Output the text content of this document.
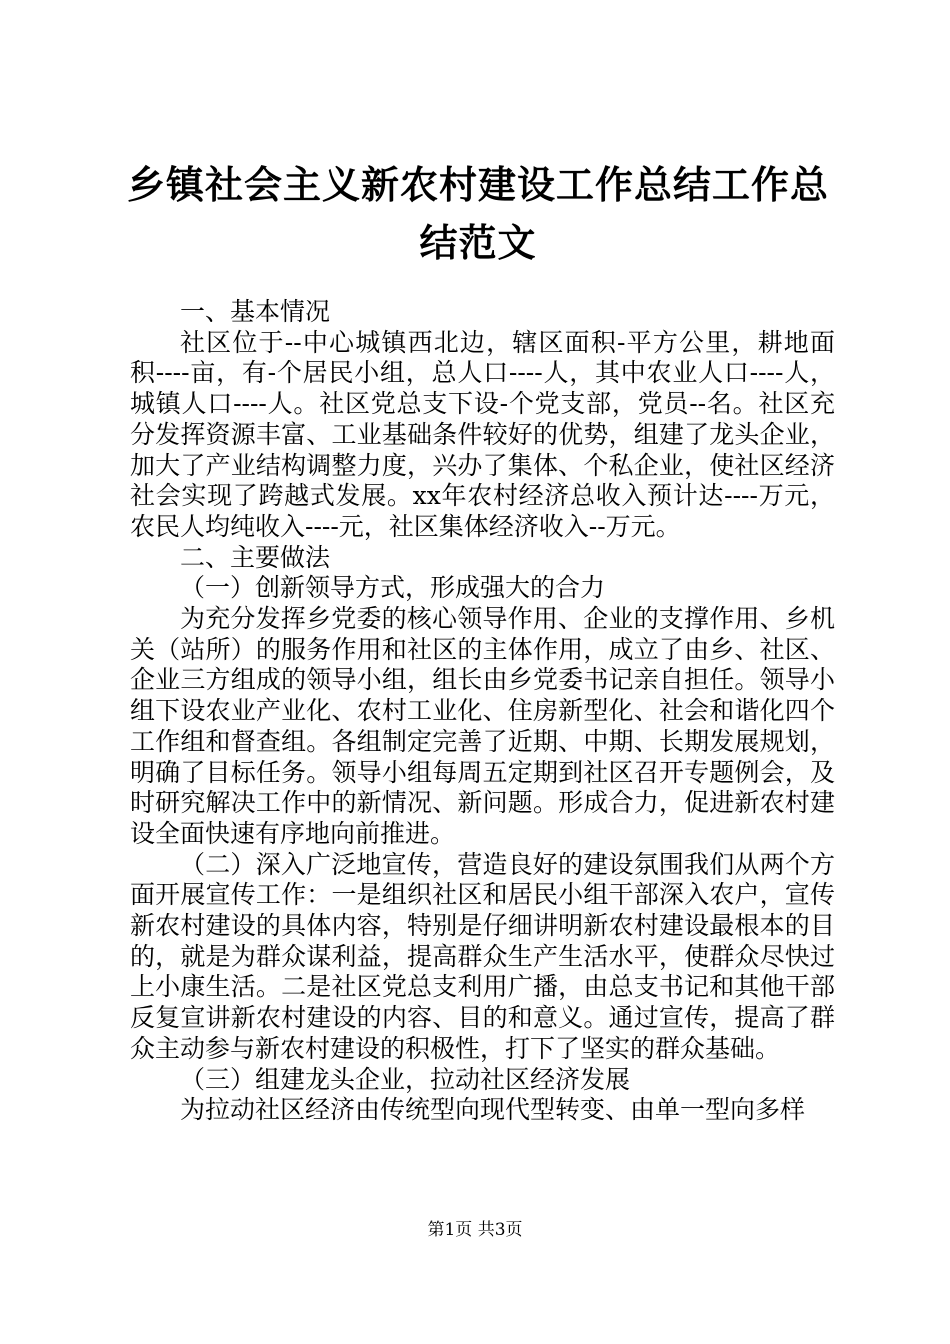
乡镇社会主义新农村建设工作总结工作总结范文

一、基本情况

社区位于--中心城镇西北边，辖区面积-平方公里，耕地面积----亩，有-个居民小组，总人口----人，其中农业人口----人，城镇人口----人。社区党总支下设-个党支部，党员--名。社区充分发挥资源丰富、工业基础条件较好的优势，组建了龙头企业，加大了产业结构调整力度，兴办了集体、个私企业，使社区经济社会实现了跨越式发展。xx年农村经济总收入预计达----万元，农民人均纯收入----元，社区集体经济收入--万元。

二、主要做法

（一）创新领导方式，形成强大的合力

为充分发挥乡党委的核心领导作用、企业的支撑作用、乡机关（站所）的服务作用和社区的主体作用，成立了由乡、社区、企业三方组成的领导小组，组长由乡党委书记亲自担任。领导小组下设农业产业化、农村工业化、住房新型化、社会和谐化四个工作组和督查组。各组制定完善了近期、中期、长期发展规划，明确了目标任务。领导小组每周五定期到社区召开专题例会，及时研究解决工作中的新情况、新问题。形成合力，促进新农村建设全面快速有序地向前推进。

（二）深入广泛地宣传，营造良好的建设氛围我们从两个方面开展宣传工作：一是组织社区和居民小组干部深入农户，宣传新农村建设的具体内容，特别是仔细讲明新农村建设最根本的目的，就是为群众谋利益，提高群众生产生活水平，使群众尽快过上小康生活。二是社区党总支利用广播，由总支书记和其他干部反复宣讲新农村建设的内容、目的和意义。通过宣传，提高了群众主动参与新农村建设的积极性，打下了坚实的群众基础。

（三）组建龙头企业，拉动社区经济发展

为拉动社区经济由传统型向现代型转变、由单一型向多样

第1页 共3页
